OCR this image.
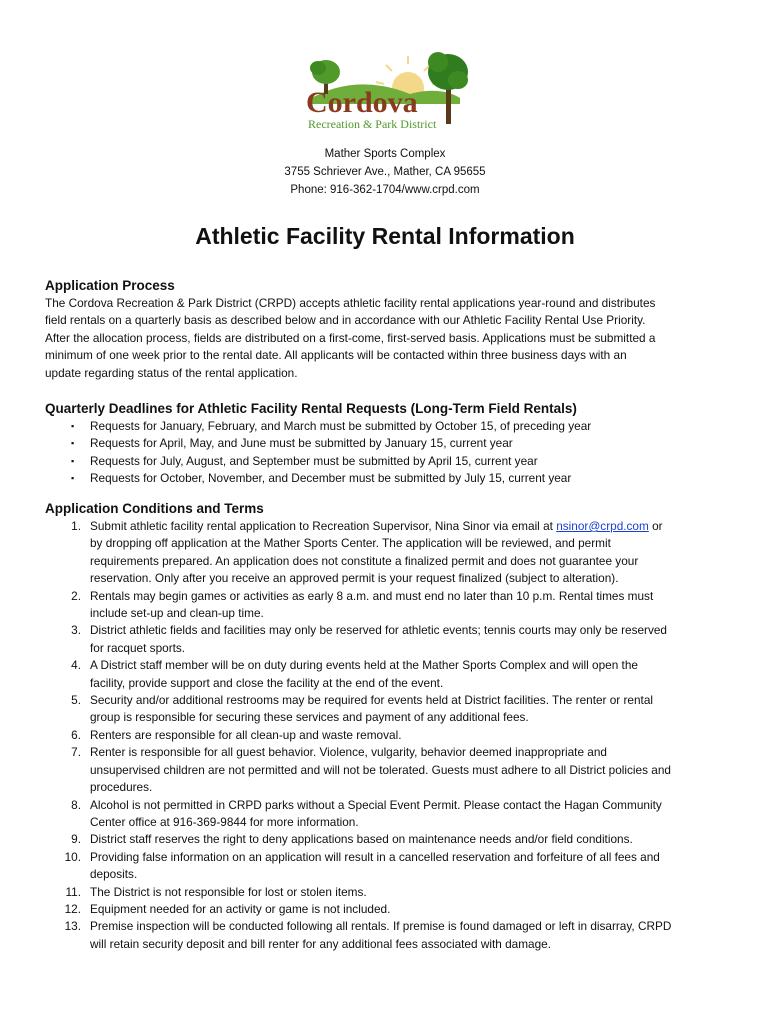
Cordova
Recreation & Park District
Mather Sports Complex
3755 Schriever Ave., Mather, CA 95655
Phone: 916-362-1704/www.crpd.com
Athletic Facility Rental Information
Application Process
The Cordova Recreation & Park District (CRPD) accepts athletic facility rental applications year-round and distributes
field rentals on a quarterly basis as described below and in accordance with our Athletic Facility Rental Use Priority.
After the allocation process, fields are distributed on a first-come, first-served basis. Applications must be submitted a
minimum of one week prior to the rental date. All applicants will be contacted within three business days with an
update regarding status of the rental application.
Quarterly Deadlines for Athletic Facility Rental Requests (Long-Term Field Rentals)
▪ Requests for January, February, and March must be submitted by October 15, of preceding year
▪ Requests for April, May, and June must be submitted by January 15, current year
▪ Requests for July, August, and September must be submitted by April 15, current year
▪ Requests for October, November, and December must be submitted by July 15, current year
Application Conditions and Terms
1. Submit athletic facility rental application to Recreation Supervisor, Nina Sinor via email at nsinor@crpd.com or
by dropping off application at the Mather Sports Center. The application will be reviewed, and permit
requirements prepared. An application does not constitute a finalized permit and does not guarantee your
reservation. Only after you receive an approved permit is your request finalized (subject to alteration).
2. Rentals may begin games or activities as early 8 a.m. and must end no later than 10 p.m. Rental times must
include set-up and clean-up time.
3. District athletic fields and facilities may only be reserved for athletic events; tennis courts may only be reserved
for racquet sports.
4. A District staff member will be on duty during events held at the Mather Sports Complex and will open the
facility, provide support and close the facility at the end of the event.
5. Security and/or additional restrooms may be required for events held at District facilities. The renter or rental
group is responsible for securing these services and payment of any additional fees.
6. Renters are responsible for all clean-up and waste removal.
7. Renter is responsible for all guest behavior. Violence, vulgarity, behavior deemed inappropriate and
unsupervised children are not permitted and will not be tolerated. Guests must adhere to all District policies and
procedures.
8. Alcohol is not permitted in CRPD parks without a Special Event Permit. Please contact the Hagan Community
Center office at 916-369-9844 for more information.
9. District staff reserves the right to deny applications based on maintenance needs and/or field conditions.
10. Providing false information on an application will result in a cancelled reservation and forfeiture of all fees and
deposits.
11. The District is not responsible for lost or stolen items.
12. Equipment needed for an activity or game is not included.
13. Premise inspection will be conducted following all rentals. If premise is found damaged or left in disarray, CRPD
will retain security deposit and bill renter for any additional fees associated with damage.
